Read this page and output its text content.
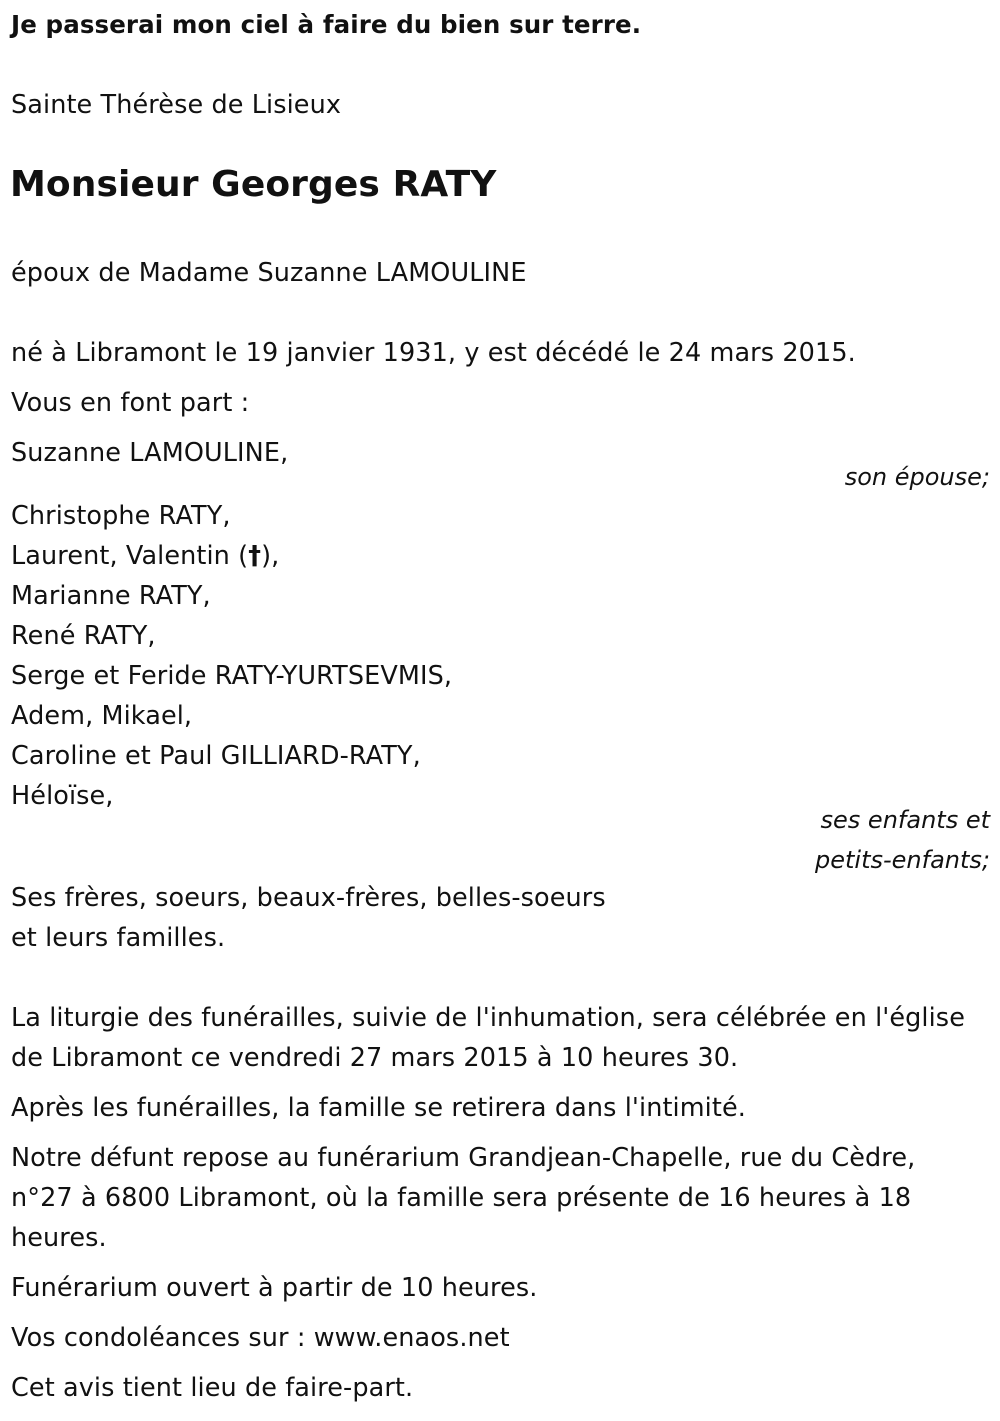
Je passerai mon ciel à faire du bien sur terre.
Sainte Thérèse de Lisieux
Monsieur Georges RATY
époux de Madame Suzanne LAMOULINE
né à Libramont le 19 janvier 1931, y est décédé le 24 mars 2015.
Vous en font part :
Suzanne LAMOULINE,
son épouse;
Christophe RATY,
Laurent, Valentin (†),
Marianne RATY,
René RATY,
Serge et Feride RATY-YURTSEVMIS,
Adem, Mikael,
Caroline et Paul GILLIARD-RATY,
Héloïse,
ses enfants et
petits-enfants;
Ses frères, soeurs, beaux-frères, belles-soeurs
et leurs familles.
La liturgie des funérailles, suivie de l'inhumation, sera célébrée en l'église
de Libramont ce vendredi 27 mars 2015 à 10 heures 30.
Après les funérailles, la famille se retirera dans l'intimité.
Notre défunt repose au funérarium Grandjean-Chapelle, rue du Cèdre,
n°27 à 6800 Libramont, où la famille sera présente de 16 heures à 18
heures.
Funérarium ouvert à partir de 10 heures.
Vos condoléances sur : www.enaos.net
Cet avis tient lieu de faire-part.
